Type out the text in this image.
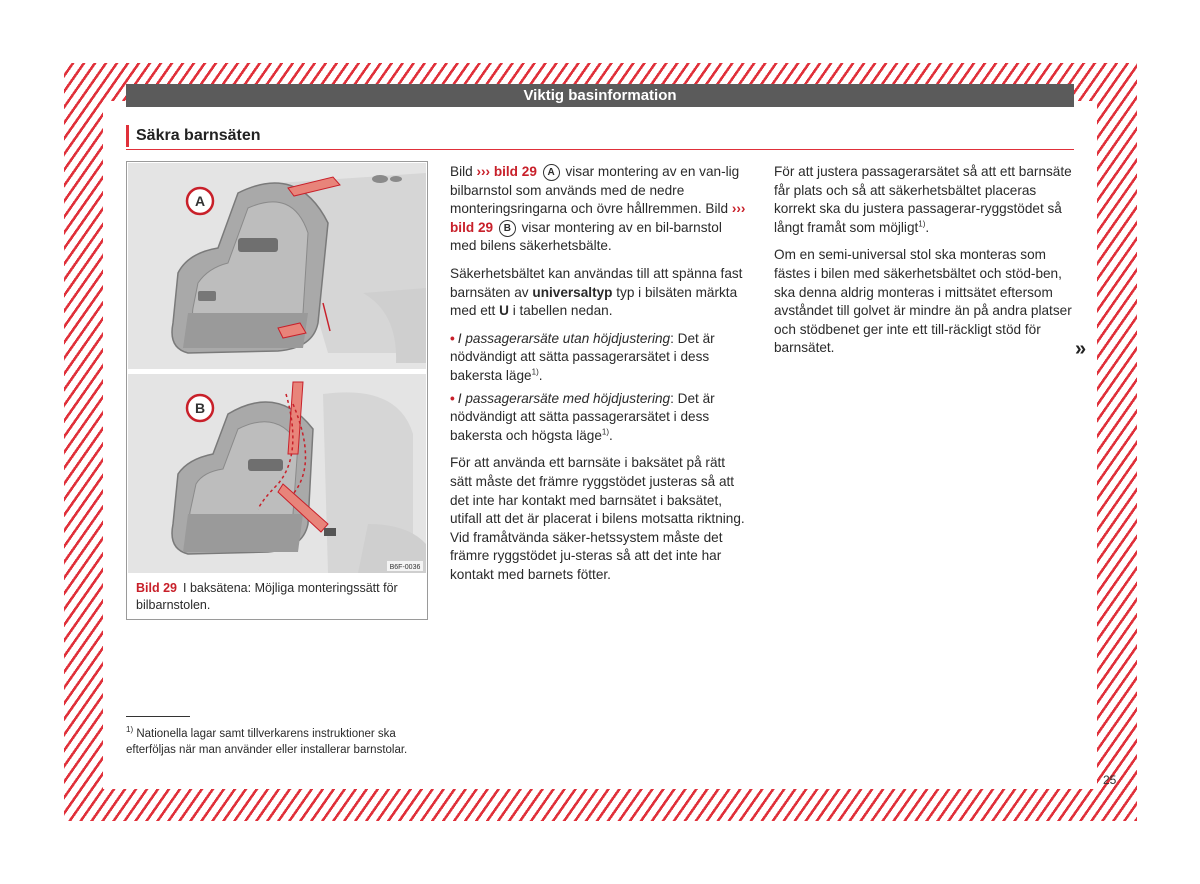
Viktig basinformation
Säkra barnsäten
A
B6F-0036
B
Bild 29 I baksätena: Möjliga monteringssätt för bilbarnstolen.

Bild ››› bild 29 A visar montering av en van-lig bilbarnstol som används med de nedre monteringsringarna och övre hållremmen. Bild ››› bild 29 B visar montering av en bil-barnstol med bilens säkerhetsbälte.

Säkerhetsbältet kan användas till att spänna fast barnsäten av universaltyp typ i bilsäten märkta med ett U i tabellen nedan.

• I passagerarsäte utan höjdjustering: Det är nödvändigt att sätta passagerarsätet i dess bakersta läge$^{1)}$.

• I passagerarsäte med höjdjustering: Det är nödvändigt att sätta passagerarsätet i dess bakersta och högsta läge$^{1)}$.

För att använda ett barnsäte i baksätet på rätt sätt måste det främre ryggstödet justeras så att det inte har kontakt med barnsätet i baksätet, utifall att det är placerat i bilens motsatta riktning. Vid framåtvända säker-hetssystem måste det främre ryggstödet ju-steras så att det inte har kontakt med barnets fötter.

För att justera passagerarsätet så att ett barnsäte får plats och så att säkerhetsbältet placeras korrekt ska du justera passagerar-ryggstödet så långt framåt som möjligt$^{1)}$.

Om en semi-universal stol ska monteras som fästes i bilen med säkerhetsbältet och stöd-ben, ska denna aldrig monteras i mittsätet eftersom avståndet till golvet är mindre än på andra platser och stödbenet ger inte ett till-räckligt stöd för barnsätet.	»
$^{1)}$ Nationella lagar samt tillverkarens instruktioner ska efterföljas när man använder eller installerar barnstolar.
25
